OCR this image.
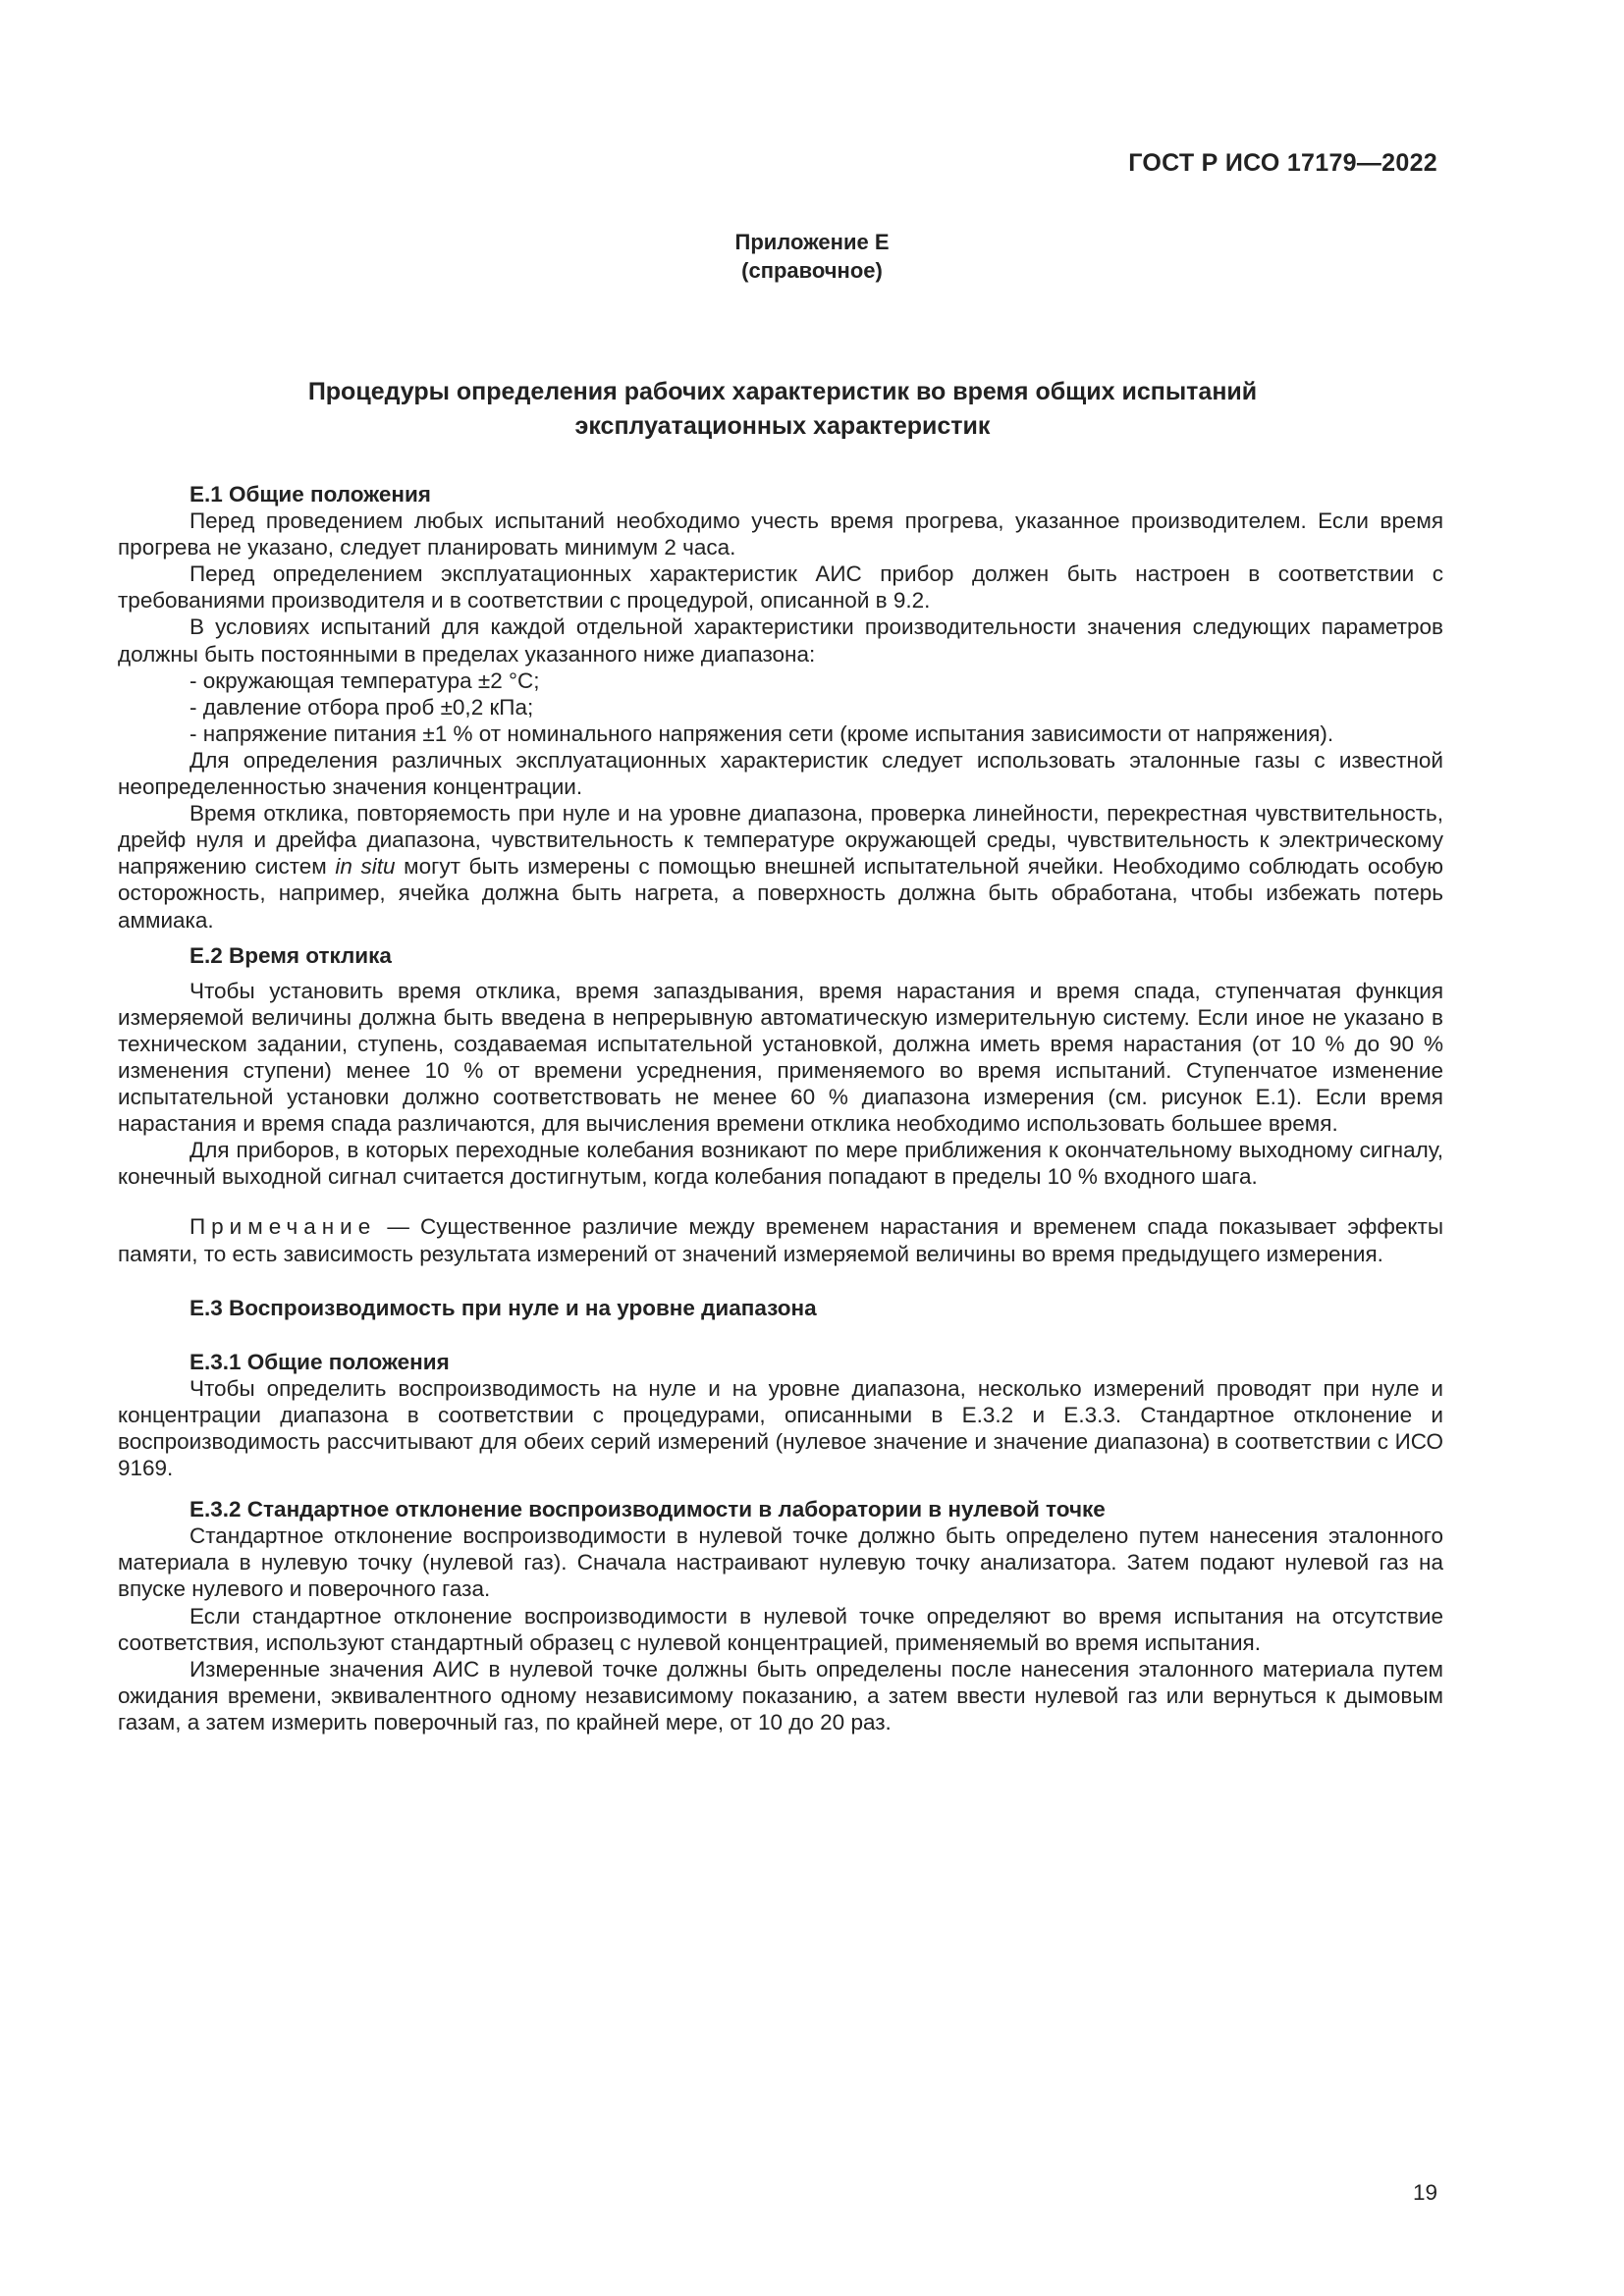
ГОСТ Р ИСО 17179—2022

Приложение Е
(справочное)
Процедуры определения рабочих характеристик во время общих испытаний
эксплуатационных характеристик
Е.1 Общие положения

Перед проведением любых испытаний необходимо учесть время прогрева, указанное производителем. Если время прогрева не указано, следует планировать минимум 2 часа.

Перед определением эксплуатационных характеристик АИС прибор должен быть настроен в соответствии с требованиями производителя и в соответствии с процедурой, описанной в 9.2.

В условиях испытаний для каждой отдельной характеристики производительности значения следующих параметров должны быть постоянными в пределах указанного ниже диапазона:

- окружающая температура ±2 °С;

- давление отбора проб ±0,2 кПа;

- напряжение питания ±1 % от номинального напряжения сети (кроме испытания зависимости от напряжения).

Для определения различных эксплуатационных характеристик следует использовать эталонные газы с известной неопределенностью значения концентрации.

Время отклика, повторяемость при нуле и на уровне диапазона, проверка линейности, перекрестная чувствительность, дрейф нуля и дрейфа диапазона, чувствительность к температуре окружающей среды, чувствительность к электрическому напряжению систем in situ могут быть измерены с помощью внешней испытательной ячейки. Необходимо соблюдать особую осторожность, например, ячейка должна быть нагрета, а поверхность должна быть обработана, чтобы избежать потерь аммиака.

Е.2 Время отклика

Чтобы установить время отклика, время запаздывания, время нарастания и время спада, ступенчатая функция измеряемой величины должна быть введена в непрерывную автоматическую измерительную систему. Если иное не указано в техническом задании, ступень, создаваемая испытательной установкой, должна иметь время нарастания (от 10 % до 90 % изменения ступени) менее 10 % от времени усреднения, применяемого во время испытаний. Ступенчатое изменение испытательной установки должно соответствовать не менее 60 % диапазона измерения (см. рисунок Е.1). Если время нарастания и время спада различаются, для вычисления времени отклика необходимо использовать большее время.

Для приборов, в которых переходные колебания возникают по мере приближения к окончательному выходному сигналу, конечный выходной сигнал считается достигнутым, когда колебания попадают в пределы 10 % входного шага.

Примечание — Существенное различие между временем нарастания и временем спада показывает эффекты памяти, то есть зависимость результата измерений от значений измеряемой величины во время предыдущего измерения.

Е.3 Воспроизводимость при нуле и на уровне диапазона
Е.3.1 Общие положения

Чтобы определить воспроизводимость на нуле и на уровне диапазона, несколько измерений проводят при нуле и концентрации диапазона в соответствии с процедурами, описанными в Е.3.2 и Е.3.3. Стандартное отклонение и воспроизводимость рассчитывают для обеих серий измерений (нулевое значение и значение диапазона) в соответствии с ИСО 9169.

Е.3.2 Стандартное отклонение воспроизводимости в лаборатории в нулевой точке

Стандартное отклонение воспроизводимости в нулевой точке должно быть определено путем нанесения эталонного материала в нулевую точку (нулевой газ). Сначала настраивают нулевую точку анализатора. Затем подают нулевой газ на впуске нулевого и поверочного газа.

Если стандартное отклонение воспроизводимости в нулевой точке определяют во время испытания на отсутствие соответствия, используют стандартный образец с нулевой концентрацией, применяемый во время испытания.

Измеренные значения АИС в нулевой точке должны быть определены после нанесения эталонного материала путем ожидания времени, эквивалентного одному независимому показанию, а затем ввести нулевой газ или вернуться к дымовым газам, а затем измерить поверочный газ, по крайней мере, от 10 до 20 раз.

19
